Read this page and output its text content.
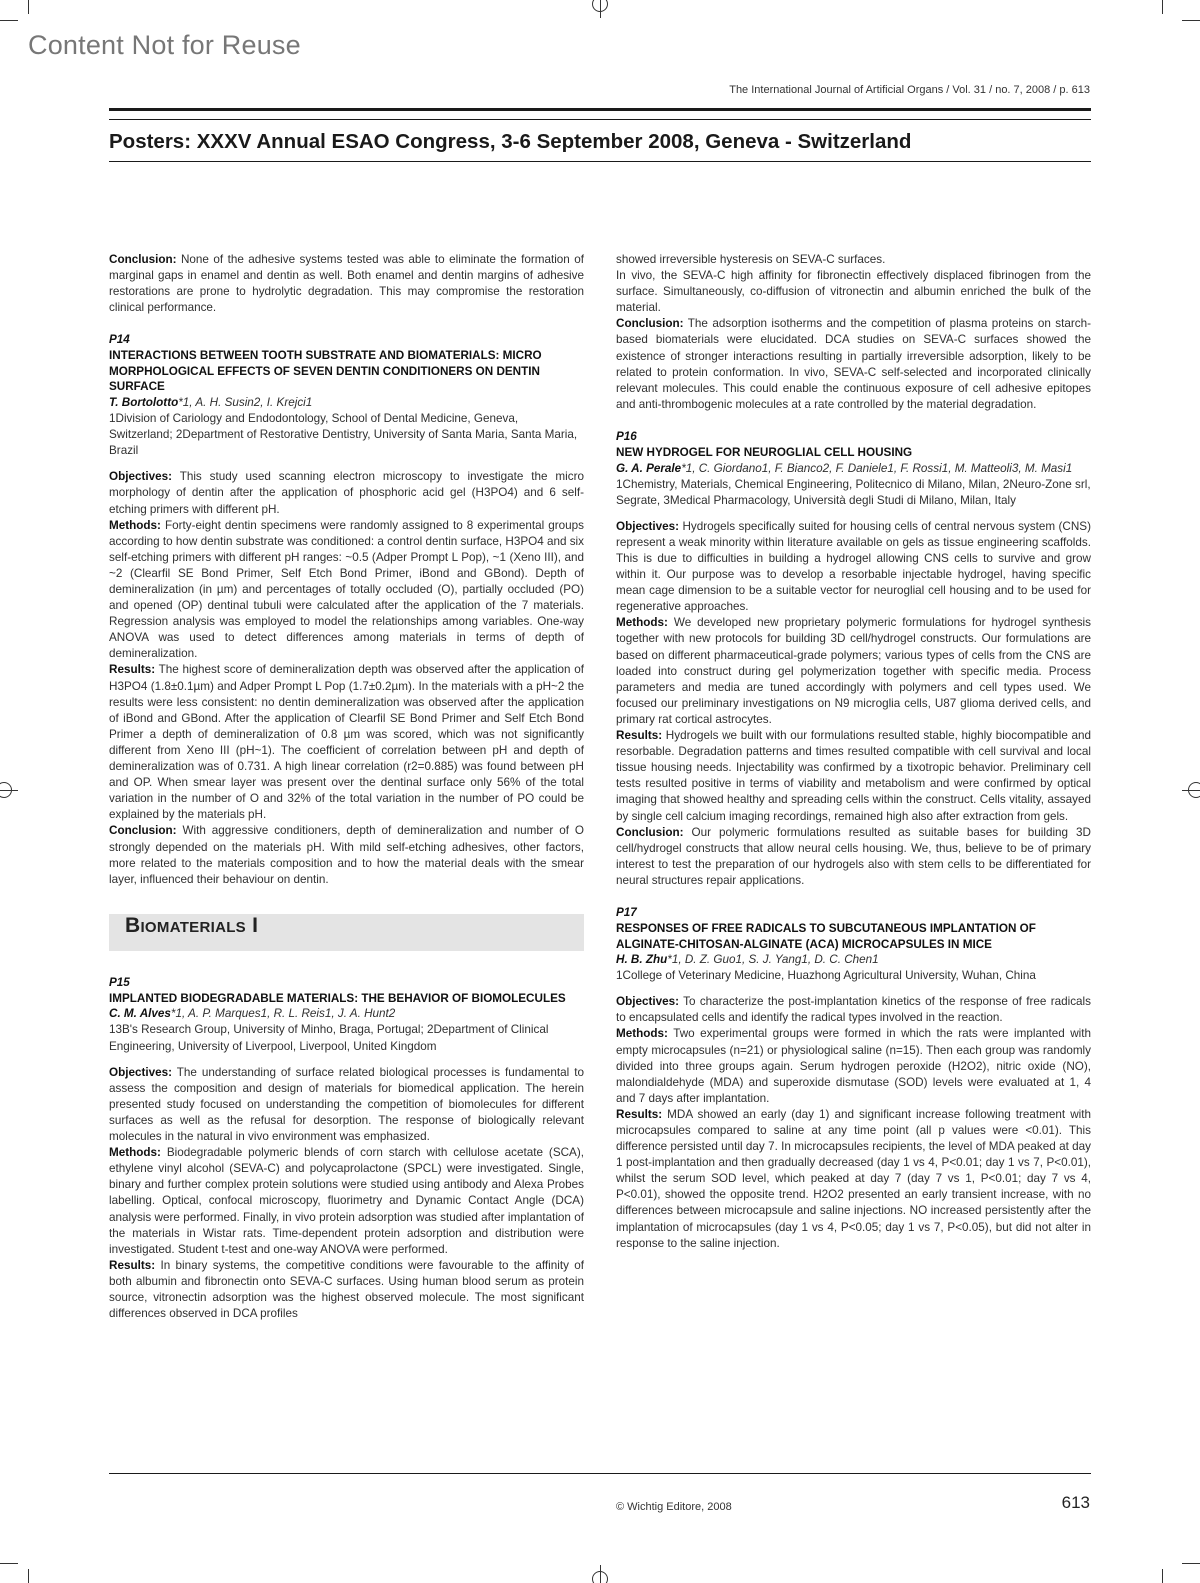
Content Not for Reuse
The International Journal of Artificial Organs / Vol. 31 / no. 7, 2008 / p. 613
Posters: XXXV Annual ESAO Congress, 3-6 September 2008, Geneva - Switzerland

Conclusion: None of the adhesive systems tested was able to eliminate the formation of marginal gaps in enamel and dentin as well. Both enamel and dentin margins of adhesive restorations are prone to hydrolytic degradation. This may compromise the restoration clinical performance.

P14

INTERACTIONS BETWEEN TOOTH SUBSTRATE AND BIOMATERIALS: MICRO MORPHOLOGICAL EFFECTS OF SEVEN DENTIN CONDITIONERS ON DENTIN SURFACE

T. Bortolotto*1, A. H. Susin2, I. Krejci1

1Division of Cariology and Endodontology, School of Dental Medicine, Geneva, Switzerland; 2Department of Restorative Dentistry, University of Santa Maria, Santa Maria, Brazil

Objectives: This study used scanning electron microscopy to investigate the micro morphology of dentin after the application of phosphoric acid gel (H3PO4) and 6 self-etching primers with different pH.

Methods: Forty-eight dentin specimens were randomly assigned to 8 experimental groups according to how dentin substrate was conditioned: a control dentin surface, H3PO4 and six self-etching primers with different pH ranges: ~0.5 (Adper Prompt L Pop), ~1 (Xeno III), and ~2 (Clearfil SE Bond Primer, Self Etch Bond Primer, iBond and GBond). Depth of demineralization (in µm) and percentages of totally occluded (O), partially occluded (PO) and opened (OP) dentinal tubuli were calculated after the application of the 7 materials. Regression analysis was employed to model the relationships among variables. One-way ANOVA was used to detect differences among materials in terms of depth of demineralization.

Results: The highest score of demineralization depth was observed after the application of H3PO4 (1.8±0.1µm) and Adper Prompt L Pop (1.7±0.2µm). In the materials with a pH~2 the results were less consistent: no dentin demineralization was observed after the application of iBond and GBond. After the application of Clearfil SE Bond Primer and Self Etch Bond Primer a depth of demineralization of 0.8 µm was scored, which was not significantly different from Xeno III (pH~1). The coefficient of correlation between pH and depth of demineralization was of 0.731. A high linear correlation (r2=0.885) was found between pH and OP. When smear layer was present over the dentinal surface only 56% of the total variation in the number of O and 32% of the total variation in the number of PO could be explained by the materials pH.

Conclusion: With aggressive conditioners, depth of demineralization and number of O strongly depended on the materials pH. With mild self-etching adhesives, other factors, more related to the materials composition and to how the material deals with the smear layer, influenced their behaviour on dentin.

Biomaterials I

P15

IMPLANTED BIODEGRADABLE MATERIALS: THE BEHAVIOR OF BIOMOLECULES

C. M. Alves*1, A. P. Marques1, R. L. Reis1, J. A. Hunt2

13B's Research Group, University of Minho, Braga, Portugal; 2Department of Clinical Engineering, University of Liverpool, Liverpool, United Kingdom

Objectives: The understanding of surface related biological processes is fundamental to assess the composition and design of materials for biomedical application. The herein presented study focused on understanding the competition of biomolecules for different surfaces as well as the refusal for desorption. The response of biologically relevant molecules in the natural in vivo environment was emphasized.

Methods: Biodegradable polymeric blends of corn starch with cellulose acetate (SCA), ethylene vinyl alcohol (SEVA-C) and polycaprolactone (SPCL) were investigated. Single, binary and further complex protein solutions were studied using antibody and Alexa Probes labelling. Optical, confocal microscopy, fluorimetry and Dynamic Contact Angle (DCA) analysis were performed. Finally, in vivo protein adsorption was studied after implantation of the materials in Wistar rats. Time-dependent protein adsorption and distribution were investigated. Student t-test and one-way ANOVA were performed.

Results: In binary systems, the competitive conditions were favourable to the affinity of both albumin and fibronectin onto SEVA-C surfaces. Using human blood serum as protein source, vitronectin adsorption was the highest observed molecule. The most significant differences observed in DCA profiles

showed irreversible hysteresis on SEVA-C surfaces.

In vivo, the SEVA-C high affinity for fibronectin effectively displaced fibrinogen from the surface. Simultaneously, co-diffusion of vitronectin and albumin enriched the bulk of the material.

Conclusion: The adsorption isotherms and the competition of plasma proteins on starch-based biomaterials were elucidated. DCA studies on SEVA-C surfaces showed the existence of stronger interactions resulting in partially irreversible adsorption, likely to be related to protein conformation. In vivo, SEVA-C self-selected and incorporated clinically relevant molecules. This could enable the continuous exposure of cell adhesive epitopes and anti-thrombogenic molecules at a rate controlled by the material degradation.

P16

NEW HYDROGEL FOR NEUROGLIAL CELL HOUSING

G. A. Perale*1, C. Giordano1, F. Bianco2, F. Daniele1, F. Rossi1, M. Matteoli3, M. Masi1

1Chemistry, Materials, Chemical Engineering, Politecnico di Milano, Milan, 2Neuro-Zone srl, Segrate, 3Medical Pharmacology, Università degli Studi di Milano, Milan, Italy

Objectives: Hydrogels specifically suited for housing cells of central nervous system (CNS) represent a weak minority within literature available on gels as tissue engineering scaffolds. This is due to difficulties in building a hydrogel allowing CNS cells to survive and grow within it. Our purpose was to develop a resorbable injectable hydrogel, having specific mean cage dimension to be a suitable vector for neuroglial cell housing and to be used for regenerative approaches.

Methods: We developed new proprietary polymeric formulations for hydrogel synthesis together with new protocols for building 3D cell/hydrogel constructs. Our formulations are based on different pharmaceutical-grade polymers; various types of cells from the CNS are loaded into construct during gel polymerization together with specific media. Process parameters and media are tuned accordingly with polymers and cell types used. We focused our preliminary investigations on N9 microglia cells, U87 glioma derived cells, and primary rat cortical astrocytes.

Results: Hydrogels we built with our formulations resulted stable, highly biocompatible and resorbable. Degradation patterns and times resulted compatible with cell survival and local tissue housing needs. Injectability was confirmed by a tixotropic behavior. Preliminary cell tests resulted positive in terms of viability and metabolism and were confirmed by optical imaging that showed healthy and spreading cells within the construct. Cells vitality, assayed by single cell calcium imaging recordings, remained high also after extraction from gels.

Conclusion: Our polymeric formulations resulted as suitable bases for building 3D cell/hydrogel constructs that allow neural cells housing. We, thus, believe to be of primary interest to test the preparation of our hydrogels also with stem cells to be differentiated for neural structures repair applications.

P17

RESPONSES OF FREE RADICALS TO SUBCUTANEOUS IMPLANTATION OF ALGINATE-CHITOSAN-ALGINATE (ACA) MICROCAPSULES IN MICE

H. B. Zhu*1, D. Z. Guo1, S. J. Yang1, D. C. Chen1

1College of Veterinary Medicine, Huazhong Agricultural University, Wuhan, China

Objectives: To characterize the post-implantation kinetics of the response of free radicals to encapsulated cells and identify the radical types involved in the reaction.

Methods: Two experimental groups were formed in which the rats were implanted with empty microcapsules (n=21) or physiological saline (n=15). Then each group was randomly divided into three groups again. Serum hydrogen peroxide (H2O2), nitric oxide (NO), malondialdehyde (MDA) and superoxide dismutase (SOD) levels were evaluated at 1, 4 and 7 days after implantation.

Results: MDA showed an early (day 1) and significant increase following treatment with microcapsules compared to saline at any time point (all p values were <0.01). This difference persisted until day 7. In microcapsules recipients, the level of MDA peaked at day 1 post-implantation and then gradually decreased (day 1 vs 4, P<0.01; day 1 vs 7, P<0.01), whilst the serum SOD level, which peaked at day 7 (day 7 vs 1, P<0.01; day 7 vs 4, P<0.01), showed the opposite trend. H2O2 presented an early transient increase, with no differences between microcapsule and saline injections. NO increased persistently after the implantation of microcapsules (day 1 vs 4, P<0.05; day 1 vs 7, P<0.05), but did not alter in response to the saline injection.

© Wichtig Editore, 2008	613
